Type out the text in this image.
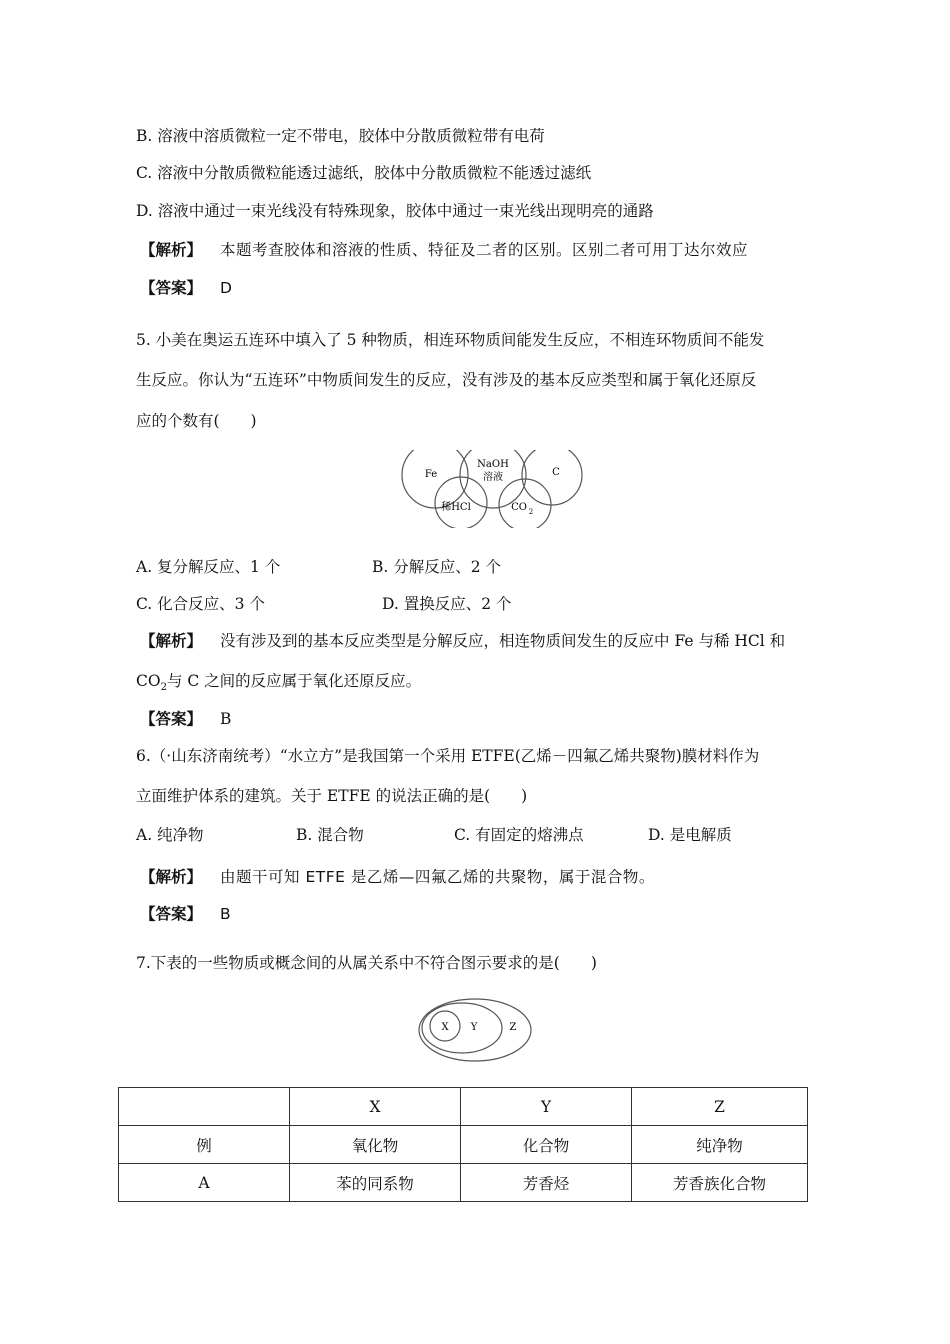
B. 溶液中溶质微粒一定不带电，胶体中分散质微粒带有电荷
C. 溶液中分散质微粒能透过滤纸，胶体中分散质微粒不能透过滤纸
D. 溶液中通过一束光线没有特殊现象，胶体中通过一束光线出现明亮的通路
【解析】 本题考查胶体和溶液的性质、特征及二者的区别。区别二者可用丁达尔效应
【答案】 D
5. 小美在奥运五连环中填入了 5 种物质，相连环物质间能发生反应，不相连环物质间不能发
生反应。你认为“五连环”中物质间发生的反应，没有涉及的基本反应类型和属于氧化还原反
应的个数有(　　)
Fe
NaOH
溶液	C
稀HCl	CO 2
A. 复分解反应、1 个	B. 分解反应、2 个
C. 化合反应、3 个	D. 置换反应、2 个
【解析】 没有涉及到的基本反应类型是分解反应，相连物质间发生的反应中 Fe 与稀 HCl 和
$CO_2$与 C 之间的反应属于氧化还原反应。
【答案】 B
6.（·山东济南统考）“水立方”是我国第一个采用 ETFE(乙烯－四氟乙烯共聚物)膜材料作为
立面维护体系的建筑。关于 ETFE 的说法正确的是(　　)
A. 纯净物	B. 混合物	C. 有固定的熔沸点	D. 是电解质
【解析】 由题干可知 ETFE 是乙烯—四氟乙烯的共聚物，属于混合物。
【答案】 B
7.下表的一些物质或概念间的从属关系中不符合图示要求的是(　　)
X Y	Z
	X	Y	Z
例	氧化物	化合物	纯净物
A	苯的同系物	芳香烃	芳香族化合物
